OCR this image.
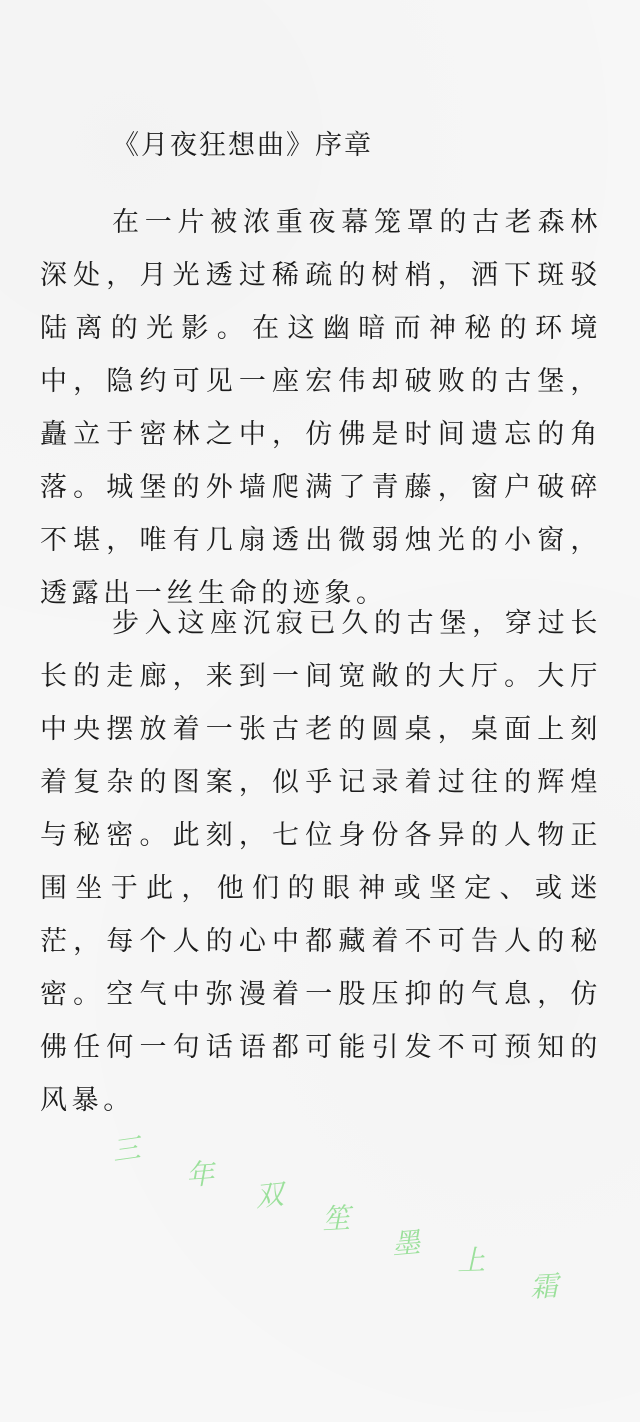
《月夜狂想曲》序章

在一片被浓重夜幕笼罩的古老森林深处，月光透过稀疏的树梢，洒下斑驳陆离的光影。在这幽暗而神秘的环境中，隐约可见一座宏伟却破败的古堡，矗立于密林之中，仿佛是时间遗忘的角落。城堡的外墙爬满了青藤，窗户破碎不堪，唯有几扇透出微弱烛光的小窗，透露出一丝生命的迹象。

步入这座沉寂已久的古堡，穿过长长的走廊，来到一间宽敞的大厅。大厅中央摆放着一张古老的圆桌，桌面上刻着复杂的图案，似乎记录着过往的辉煌与秘密。此刻，七位身份各异的人物正围坐于此，他们的眼神或坚定、或迷茫，每个人的心中都藏着不可告人的秘密。空气中弥漫着一股压抑的气息，仿佛任何一句话语都可能引发不可预知的风暴。

三
年
双
笙
墨 上
霜
